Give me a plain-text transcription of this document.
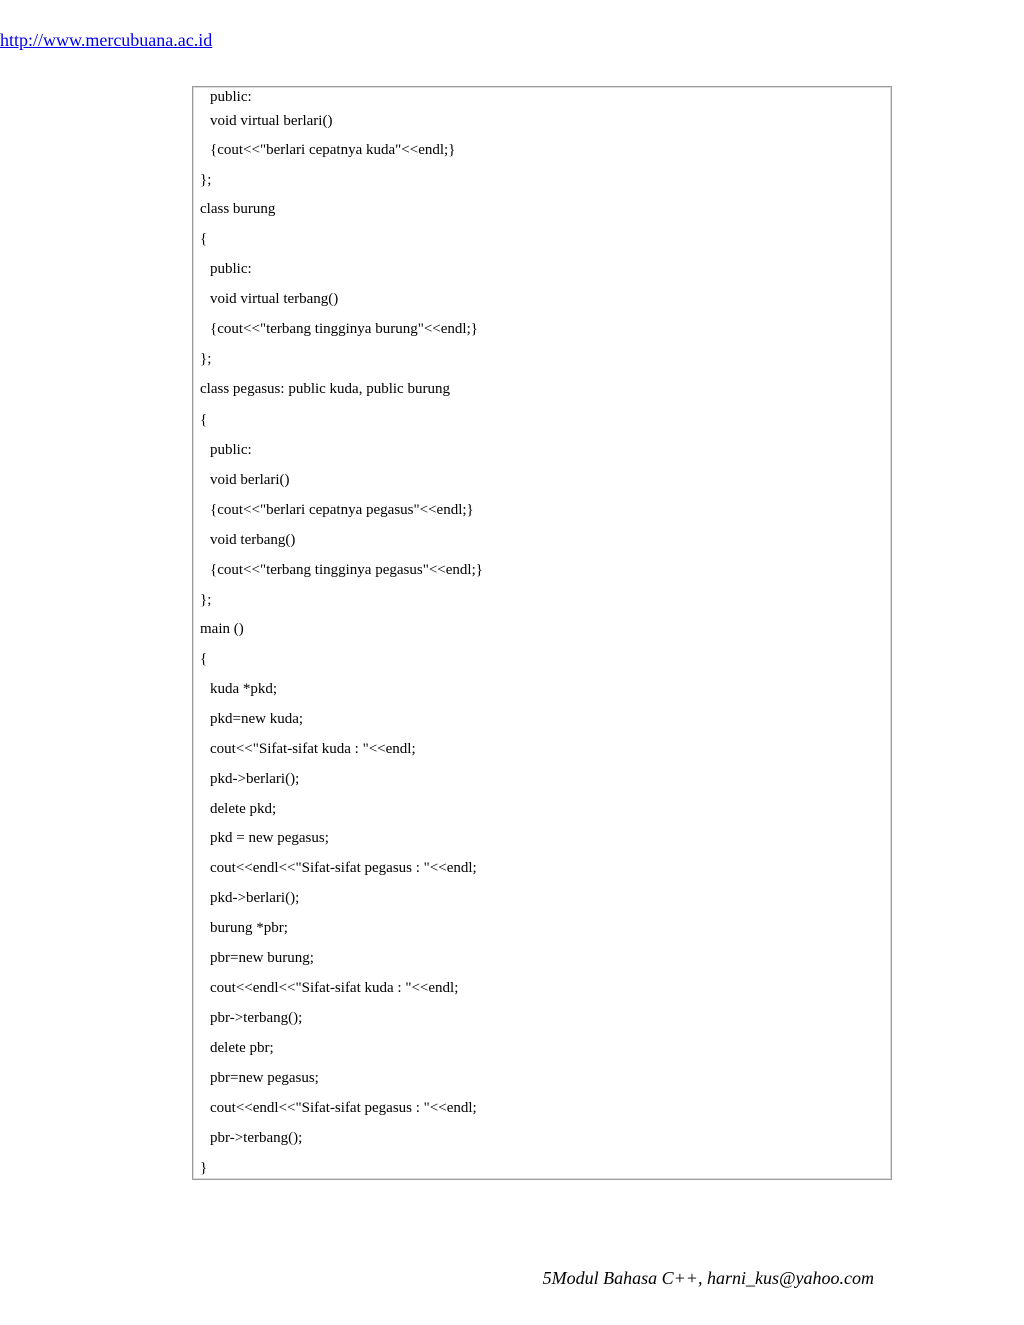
http://www.mercubuana.ac.id
public:
void virtual berlari()
{cout<<"berlari cepatnya kuda"<<endl;}
};
class burung
{
public:
void virtual terbang()
{cout<<"terbang tingginya burung"<<endl;}
};
class pegasus: public kuda, public burung
{
public:
void berlari()
{cout<<"berlari cepatnya pegasus"<<endl;}
void terbang()
{cout<<"terbang tingginya pegasus"<<endl;}
};
main ()
{
kuda *pkd;
pkd=new kuda;
cout<<"Sifat-sifat kuda : "<<endl;
pkd->berlari();
delete pkd;
pkd = new pegasus;
cout<<endl<<"Sifat-sifat pegasus : "<<endl;
pkd->berlari();
burung *pbr;
pbr=new burung;
cout<<endl<<"Sifat-sifat kuda : "<<endl;
pbr->terbang();
delete pbr;
pbr=new pegasus;
cout<<endl<<"Sifat-sifat pegasus : "<<endl;
pbr->terbang();
}
5Modul Bahasa C++, harni_kus@yahoo.com
